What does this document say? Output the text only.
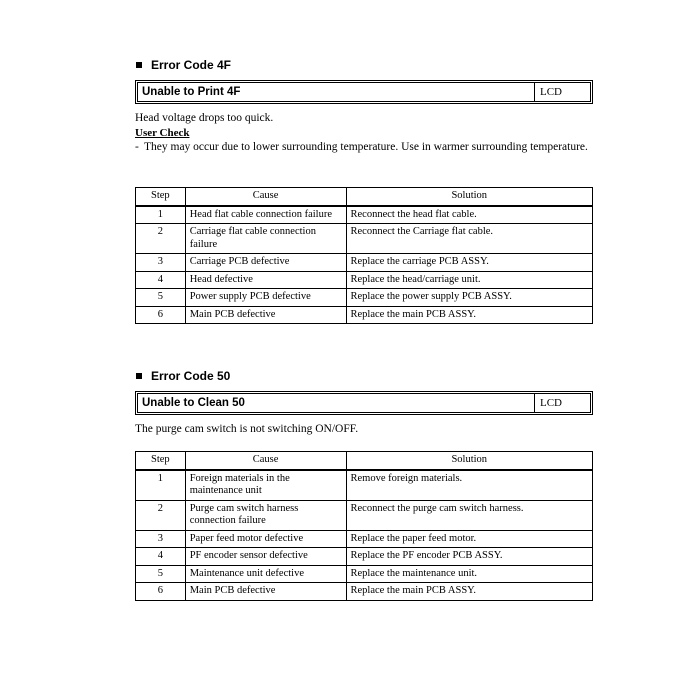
Error Code 4F
Unable to Print 4F	LCD
Head voltage drops too quick.
User Check
- They may occur due to lower surrounding temperature. Use in warmer surrounding temperature.
Step	Cause	Solution
1	Head flat cable connection failure	Reconnect the head flat cable.
2	Carriage flat cable connection failure	Reconnect the Carriage flat cable.
3	Carriage PCB defective	Replace the carriage PCB ASSY.
4	Head defective	Replace the head/carriage unit.
5	Power supply PCB defective	Replace the power supply PCB ASSY.
6	Main PCB defective	Replace the main PCB ASSY.
Error Code 50
Unable to Clean 50	LCD
The purge cam switch is not switching ON/OFF.
Step	Cause	Solution
1	Foreign materials in the maintenance unit	Remove foreign materials.
2	Purge cam switch harness connection failure	Reconnect the purge cam switch harness.
3	Paper feed motor defective	Replace the paper feed motor.
4	PF encoder sensor defective	Replace the PF encoder PCB ASSY.
5	Maintenance unit defective	Replace the maintenance unit.
6	Main PCB defective	Replace the main PCB ASSY.
